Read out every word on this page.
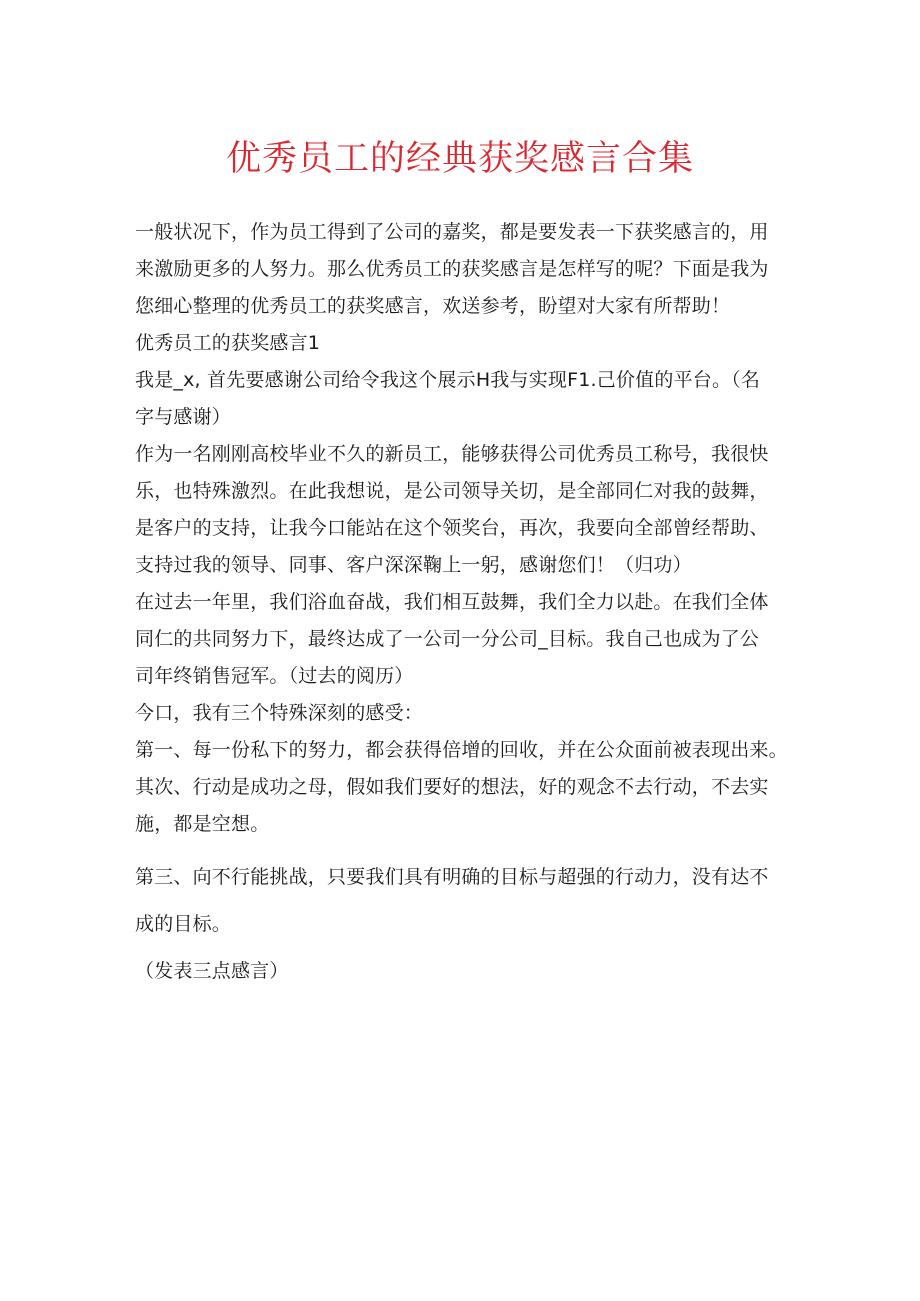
优秀员工的经典获奖感言合集
一般状况下，作为员工得到了公司的嘉奖，都是要发表一下获奖感言的，用
来激励更多的人努力。那么优秀员工的获奖感言是怎样写的呢？下面是我为
您细心整理的优秀员工的获奖感言，欢送参考，盼望对大家有所帮助！
优秀员工的获奖感言1
我是_x, 首先要感谢公司给令我这个展示H我与实现F1.己价值的平台。（名
字与感谢）
作为一名刚刚高校毕业不久的新员工，能够获得公司优秀员工称号，我很快
乐，也特殊激烈。在此我想说，是公司领导关切，是全部同仁对我的鼓舞，
是客户的支持，让我今口能站在这个领奖台，再次，我要向全部曾经帮助、
支持过我的领导、同事、客户深深鞠上一躬，感谢您们！（归功）
在过去一年里，我们浴血奋战，我们相互鼓舞，我们全力以赴。在我们全体
同仁的共同努力下，最终达成了一公司一分公司_目标。我自己也成为了公
司年终销售冠军。（过去的阅历）
今口，我有三个特殊深刻的感受：
第一、每一份私下的努力，都会获得倍增的回收，并在公众面前被表现出来。
其次、行动是成功之母，假如我们要好的想法，好的观念不去行动，不去实
施，都是空想。
第三、向不行能挑战，只要我们具有明确的目标与超强的行动力，没有达不
成的目标。
（发表三点感言）
